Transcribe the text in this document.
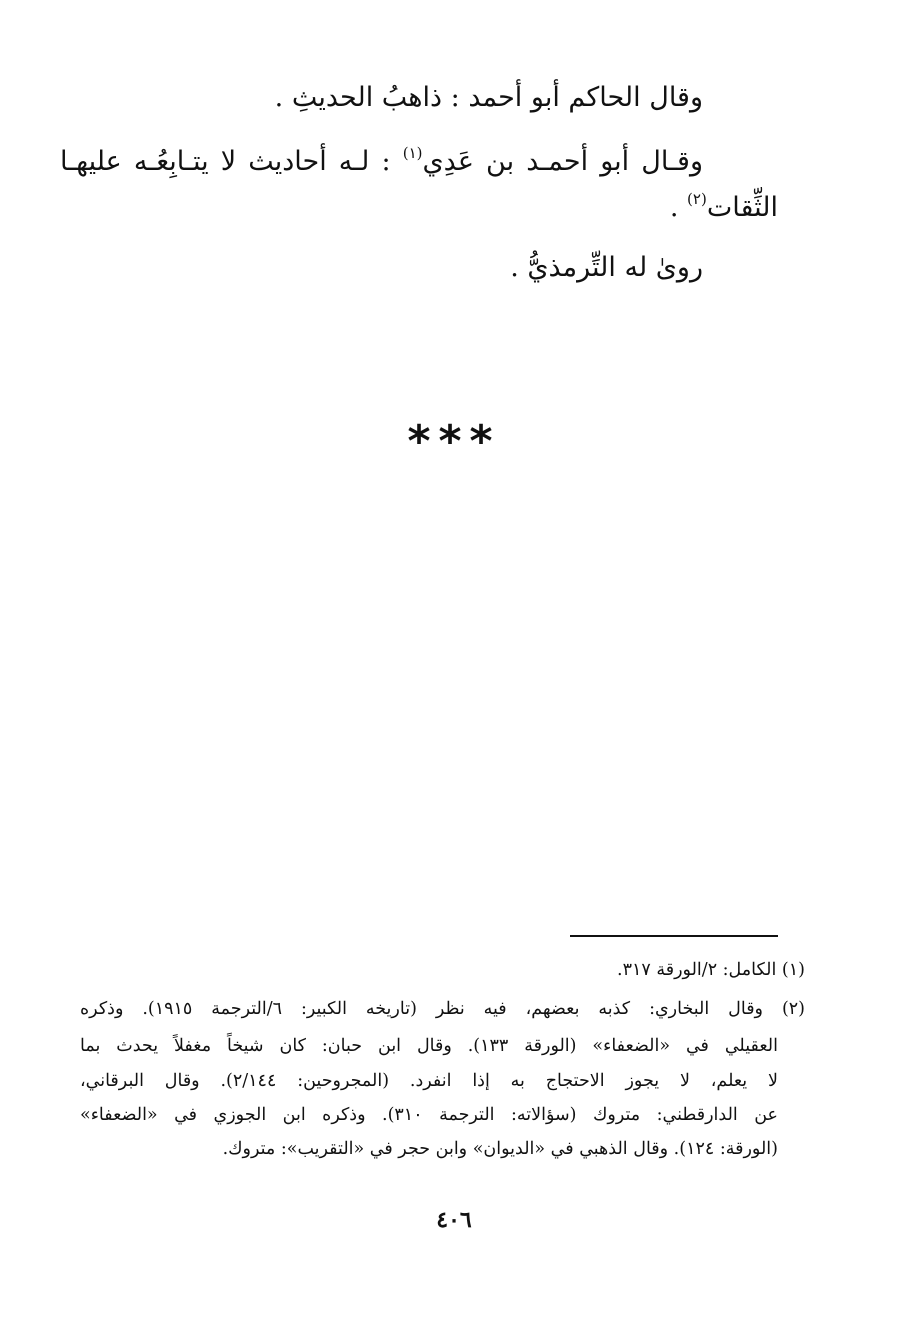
وقال الحاكم أبو أحمد : ذاهبُ الحديثِ .
وقـال أبو أحمـد بن عَدِي$^{(١)}$ : لـه أحاديث لا يتـابِعُـه عليهـا
الثِّقات$^{(٢)}$ .
روىٰ له التِّرمذيُّ .
***
(١) الكامل: ٢/الورقة ٣١٧.
(٢) وقال البخاري: كذبه بعضهم، فيه نظر (تاريخه الكبير: ٦/الترجمة ١٩١٥). وذكره
العقيلي في «الضعفاء» (الورقة ١٣٣). وقال ابن حبان: كان شيخاً مغفلاً يحدث بما
لا يعلم، لا يجوز الاحتجاج به إذا انفرد. (المجروحين: ٢/١٤٤). وقال البرقاني،
عن الدارقطني: متروك (سؤالاته: الترجمة ٣١٠). وذكره ابن الجوزي في «الضعفاء»
(الورقة: ١٢٤). وقال الذهبي في «الديوان» وابن حجر في «التقريب»: متروك.
٤٠٦
